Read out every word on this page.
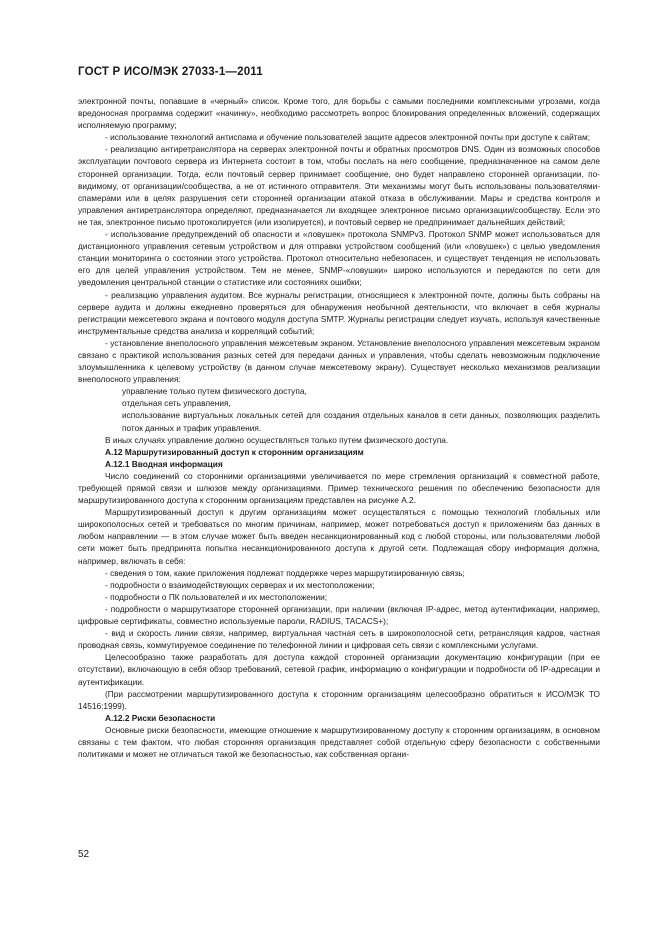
ГОСТ Р ИСО/МЭК 27033-1—2011

электронной почты, попавшие в «черный» список. Кроме того, для борьбы с самыми последними комплексными угрозами, когда вредоносная программа содержит «начинку», необходимо рассмотреть вопрос блокирования определенных вложений, содержащих исполняемую программу;

- использование технологий антиспама и обучение пользователей защите адресов электронной почты при доступе к сайтам;

- реализацию антиретранслятора на серверах электронной почты и обратных просмотров DNS. Один из возможных способов эксплуатации почтового сервера из Интернета состоит в том, чтобы послать на него сообщение, предназначенное на самом деле сторонней организации. Тогда, если почтовый сервер принимает сообщение, оно будет направлено сторонней организации, по-видимому, от организации/сообщества, а не от истинного отправителя. Эти механизмы могут быть использованы пользователями-спамерами или в целях разрушения сети сторонней организации атакой отказа в обслуживании. Мары и средства контроля и управления антиретранслятора определяют, предназначается ли входящее электронное письмо организации/сообществу. Если это не так, электронное письмо протоколируется (или изолируется), и почтовый сервер не предпринимает дальнейших действий;

- использование предупреждений об опасности и «ловушек» протокола SNMPv3. Протокол SNMP может использоваться для дистанционного управления сетевым устройством и для отправки устройством сообщений (или «ловушек») с целью уведомления станции мониторинга о состоянии этого устройства. Протокол относительно небезопасен, и существует тенденция не использовать его для целей управления устройством. Тем не менее, SNMP-«ловушки» широко используются и передаются по сети для уведомления центральной станции о статистике или состояниях ошибки;

- реализацию управления аудитом. Все журналы регистрации, относящиеся к электронной почте, должны быть собраны на сервере аудита и должны ежедневно проверяться для обнаружения необычной деятельности, что включает в себя журналы регистрации межсетевого экрана и почтового модуля доступа SMTP. Журналы регистрации следует изучать, используя качественные инструментальные средства анализа и корреляций событий;

- установление внеполосного управления межсетевым экраном. Установление внеполосного управления межсетевым экраном связано с практикой использования разных сетей для передачи данных и управления, чтобы сделать невозможным подключение злоумышленника к целевому устройству (в данном случае межсетевому экрану). Существует несколько механизмов реализации внеполосного управления:

управление только путем физического доступа,

отдельная сеть управления,

использование виртуальных локальных сетей для создания отдельных каналов в сети данных, позволяющих разделить поток данных и трафик управления.

В иных случаях управление должно осуществляться только путем физического доступа.

А.12 Маршрутизированный доступ к сторонним организациям

А.12.1 Вводная информация

Число соединений со сторонними организациями увеличивается по мере стремления организаций к совместной работе, требующей прямой связи и шлюзов между организациями. Пример технического решения по обеспечению безопасности для маршрутизированного доступа к сторонним организациям представлен на рисунке А.2.

Маршрутизированный доступ к другим организациям может осуществляться с помощью технологий глобальных или широкополосных сетей и требоваться по многим причинам, например, может потребоваться доступ к приложениям баз данных в любом направлении — в этом случае может быть введен несанкционированный код с любой стороны, или пользователями любой сети может быть предпринята попытка несанкционированного доступа к другой сети. Подлежащая сбору информация должна, например, включать в себя:

- сведения о том, какие приложения подлежат поддержке через маршрутизированную связь;

- подробности о взаимодействующих серверах и их местоположении;

- подробности о ПК пользователей и их местоположении;

- подробности о маршрутизаторе сторонней организации, при наличии (включая IP-адрес, метод аутентификации, например, цифровые сертификаты, совместно используемые пароли, RADIUS, TACACS+);

- вид и скорость линии связи, например, виртуальная частная сеть в широкополосной сети, ретрансляция кадров, частная проводная связь, коммутируемое соединение по телефонной линии и цифровая сеть связи с комплексными услугами.

Целесообразно также разработать для доступа каждой сторонней организации документацию конфигурации (при ее отсутствии), включающую в себя обзор требований, сетевой график, информацию о конфигурации и подробности об IP-адресации и аутентификации.

(При рассмотрении маршрутизированного доступа к сторонним организациям целесообразно обратиться к ИСО/МЭК ТО 14516:1999).

А.12.2 Риски безопасности

Основные риски безопасности, имеющие отношение к маршрутизированному доступу к сторонним организациям, в основном связаны с тем фактом, что любая сторонняя организация представляет собой отдельную сферу безопасности с собственными политиками и может не отличаться такой же безопасностью, как собственная органи-

52
